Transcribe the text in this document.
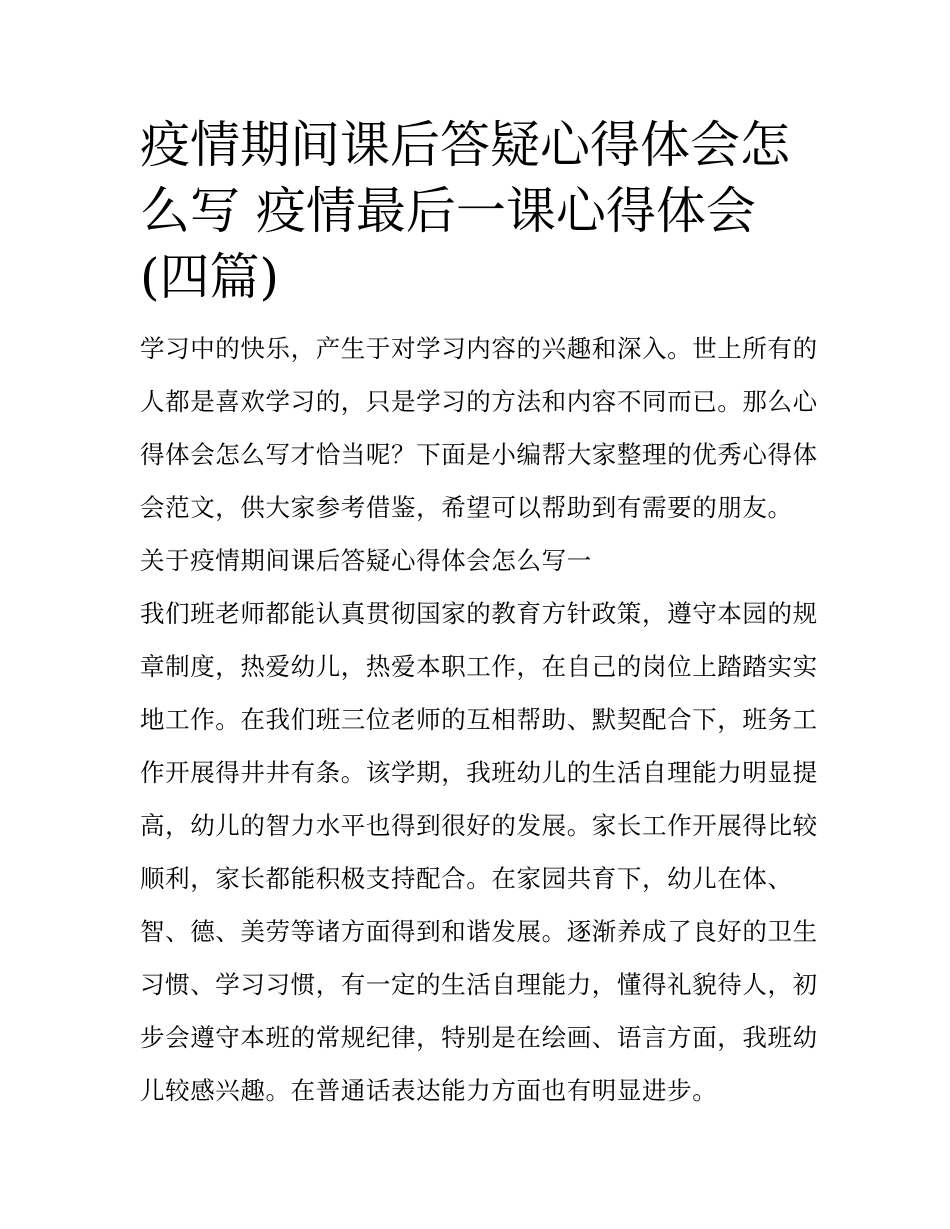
疫情期间课后答疑心得体会怎
么写 疫情最后一课心得体会
(四篇)
学习中的快乐，产生于对学习内容的兴趣和深入。世上所有的
人都是喜欢学习的，只是学习的方法和内容不同而已。那么心
得体会怎么写才恰当呢？下面是小编帮大家整理的优秀心得体
会范文，供大家参考借鉴，希望可以帮助到有需要的朋友。
关于疫情期间课后答疑心得体会怎么写一
我们班老师都能认真贯彻国家的教育方针政策，遵守本园的规
章制度，热爱幼儿，热爱本职工作，在自己的岗位上踏踏实实
地工作。在我们班三位老师的互相帮助、默契配合下，班务工
作开展得井井有条。该学期，我班幼儿的生活自理能力明显提
高，幼儿的智力水平也得到很好的发展。家长工作开展得比较
顺利，家长都能积极支持配合。在家园共育下，幼儿在体、
智、德、美劳等诸方面得到和谐发展。逐渐养成了良好的卫生
习惯、学习习惯，有一定的生活自理能力，懂得礼貌待人，初
步会遵守本班的常规纪律，特别是在绘画、语言方面，我班幼
儿较感兴趣。在普通话表达能力方面也有明显进步。
